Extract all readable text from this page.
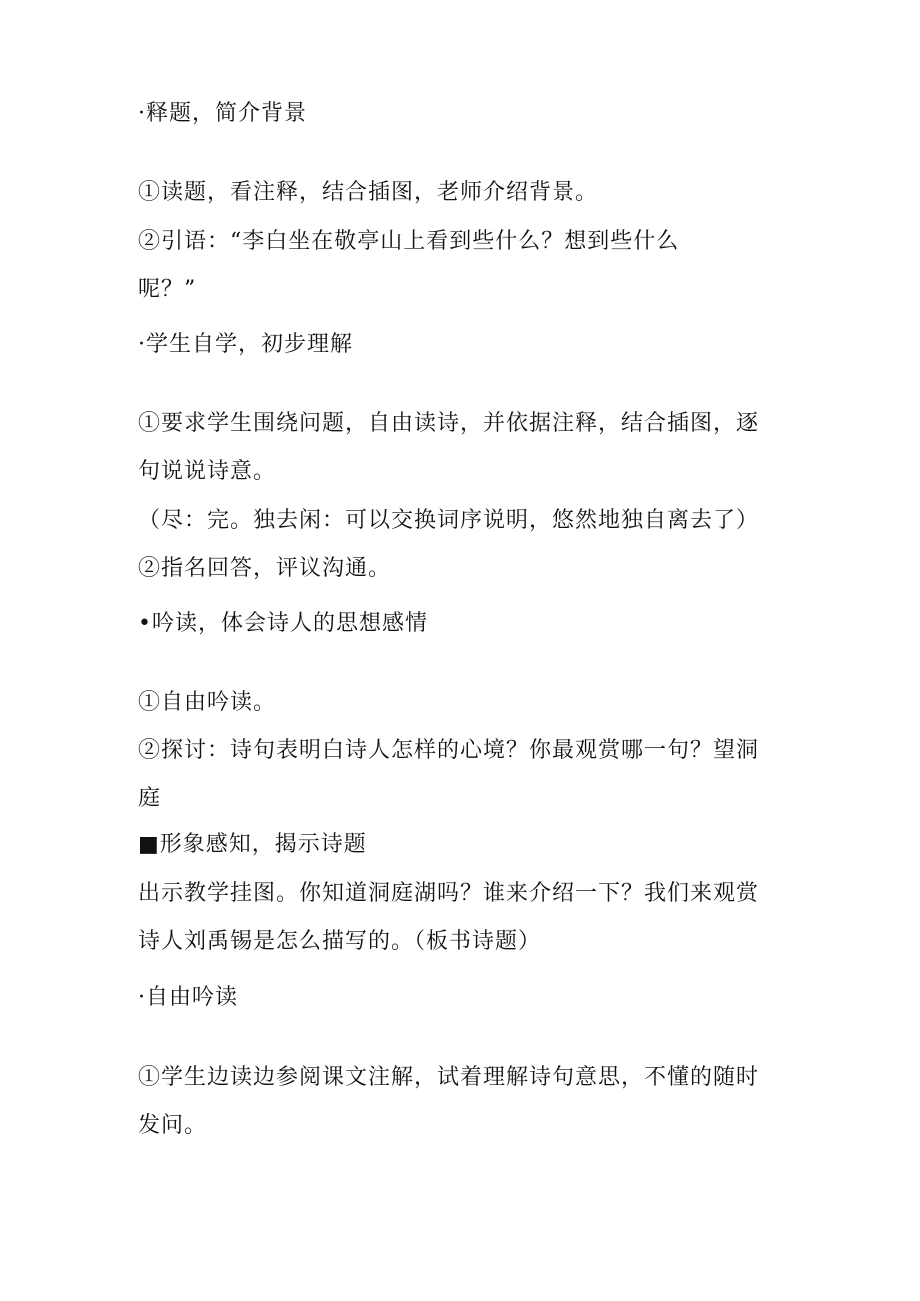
·释题，简介背景
①读题，看注释，结合插图，老师介绍背景。
②引语：“李白坐在敬亭山上看到些什么？想到些什么
呢？”
·学生自学，初步理解
①要求学生围绕问题，自由读诗，并依据注释，结合插图，逐
句说说诗意。
（尽：完。独去闲：可以交换词序说明，悠然地独自离去了）
②指名回答，评议沟通。
•吟读，体会诗人的思想感情
①自由吟读。
②探讨：诗句表明白诗人怎样的心境？你最观赏哪一句？望洞
庭
■形象感知，揭示诗题
出示教学挂图。你知道洞庭湖吗？谁来介绍一下？我们来观赏
诗人刘禹锡是怎么描写的。（板书诗题）
·自由吟读
①学生边读边参阅课文注解，试着理解诗句意思，不懂的随时
发问。
